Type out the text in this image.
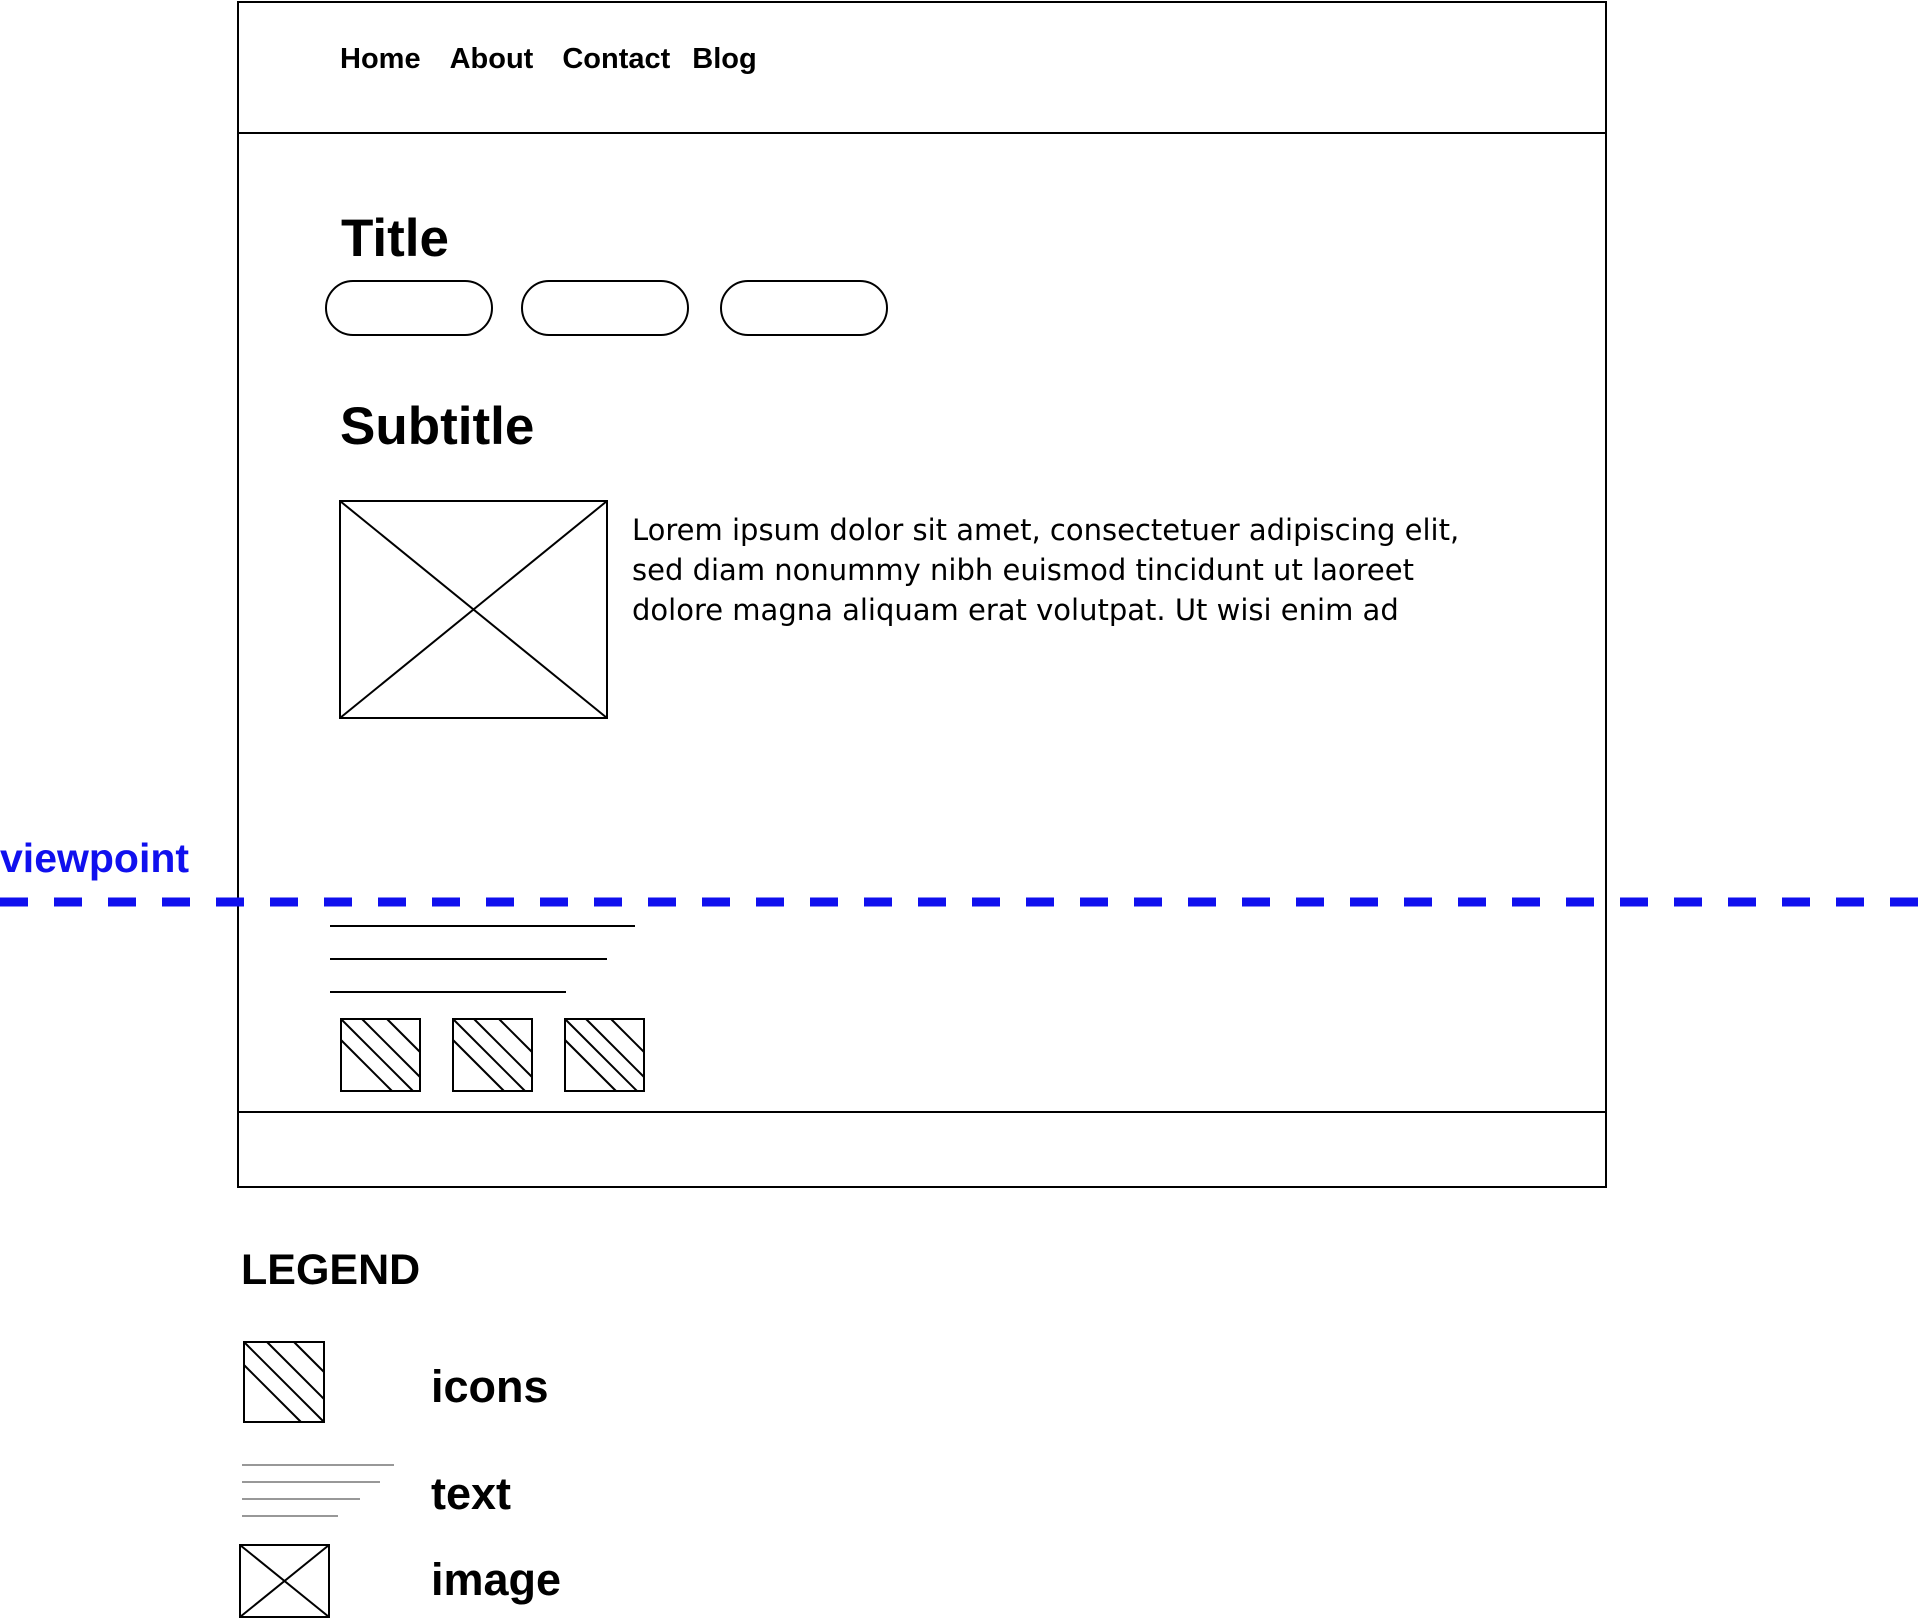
Home About Contact Blog
Title
Subtitle
Lorem ipsum dolor sit amet, consectetuer adipiscing elit, sed diam nonummy nibh euismod tincidunt ut laoreet dolore magna aliquam erat volutpat. Ut wisi enim ad
viewpoint
LEGEND
icons
text
image
